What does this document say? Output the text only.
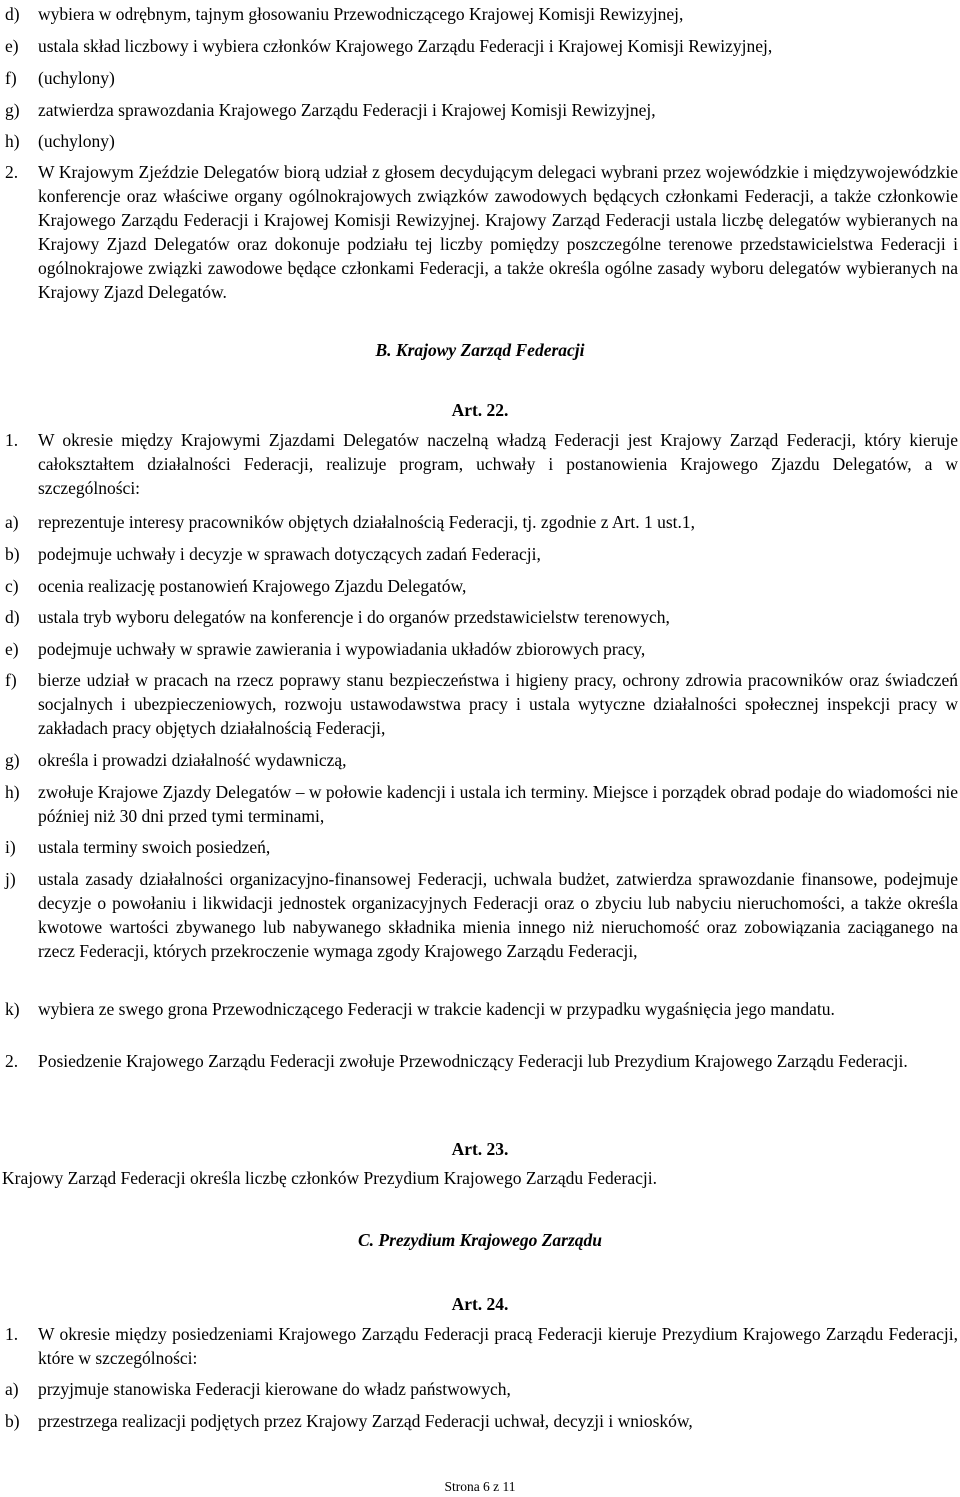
d) wybiera w odrębnym, tajnym głosowaniu Przewodniczącego Krajowej Komisji Rewizyjnej,
e) ustala skład liczbowy i wybiera członków Krajowego Zarządu Federacji i Krajowej Komisji Rewizyjnej,
f) (uchylony)
g) zatwierdza sprawozdania Krajowego Zarządu Federacji i Krajowej Komisji Rewizyjnej,
h) (uchylony)
2. W Krajowym Zjeździe Delegatów biorą udział z głosem decydującym delegaci wybrani przez wojewódzkie i międzywojewódzkie konferencje oraz właściwe organy ogólnokrajowych związków zawodowych będących członkami Federacji, a także członkowie Krajowego Zarządu Federacji i Krajowej Komisji Rewizyjnej. Krajowy Zarząd Federacji ustala liczbę delegatów wybieranych na Krajowy Zjazd Delegatów oraz dokonuje podziału tej liczby pomiędzy poszczególne terenowe przedstawicielstwa Federacji i ogólnokrajowe związki zawodowe będące członkami Federacji, a także określa ogólne zasady wyboru delegatów wybieranych na Krajowy Zjazd Delegatów.
B. Krajowy Zarząd Federacji
Art. 22.
1. W okresie między Krajowymi Zjazdami Delegatów naczelną władzą Federacji jest Krajowy Zarząd Federacji, który kieruje całokształtem działalności Federacji, realizuje program, uchwały i postanowienia Krajowego Zjazdu Delegatów, a w szczególności:
a) reprezentuje interesy pracowników objętych działalnością Federacji, tj. zgodnie z Art. 1 ust.1,
b) podejmuje uchwały i decyzje w sprawach dotyczących zadań Federacji,
c) ocenia realizację postanowień Krajowego Zjazdu Delegatów,
d) ustala tryb wyboru delegatów na konferencje i do organów przedstawicielstw terenowych,
e) podejmuje uchwały w sprawie zawierania i wypowiadania układów zbiorowych pracy,
f) bierze udział w pracach na rzecz poprawy stanu bezpieczeństwa i higieny pracy, ochrony zdrowia pracowników oraz świadczeń socjalnych i ubezpieczeniowych, rozwoju ustawodawstwa pracy i ustala wytyczne działalności społecznej inspekcji pracy w zakładach pracy objętych działalnością Federacji,
g) określa i prowadzi działalność wydawniczą,
h) zwołuje Krajowe Zjazdy Delegatów – w połowie kadencji i ustala ich terminy. Miejsce i porządek obrad podaje do wiadomości nie później niż 30 dni przed tymi terminami,
i) ustala terminy swoich posiedzeń,
j) ustala zasady działalności organizacyjno-finansowej Federacji, uchwala budżet, zatwierdza sprawozdanie finansowe, podejmuje decyzje o powołaniu i likwidacji jednostek organizacyjnych Federacji oraz o zbyciu lub nabyciu nieruchomości, a także określa kwotowe wartości zbywanego lub nabywanego składnika mienia innego niż nieruchomość oraz zobowiązania zaciąganego na rzecz Federacji, których przekroczenie wymaga zgody Krajowego Zarządu Federacji,
k) wybiera ze swego grona Przewodniczącego Federacji w trakcie kadencji w przypadku wygaśnięcia jego mandatu.
2. Posiedzenie Krajowego Zarządu Federacji zwołuje Przewodniczący Federacji lub Prezydium Krajowego Zarządu Federacji.
Art. 23.
Krajowy Zarząd Federacji określa liczbę członków Prezydium Krajowego Zarządu Federacji.
C. Prezydium Krajowego Zarządu
Art. 24.
1. W okresie między posiedzeniami Krajowego Zarządu Federacji pracą Federacji kieruje Prezydium Krajowego Zarządu Federacji, które w szczególności:
a) przyjmuje stanowiska Federacji kierowane do władz państwowych,
b) przestrzega realizacji podjętych przez Krajowy Zarząd Federacji uchwał, decyzji i wniosków,
Strona 6 z 11
